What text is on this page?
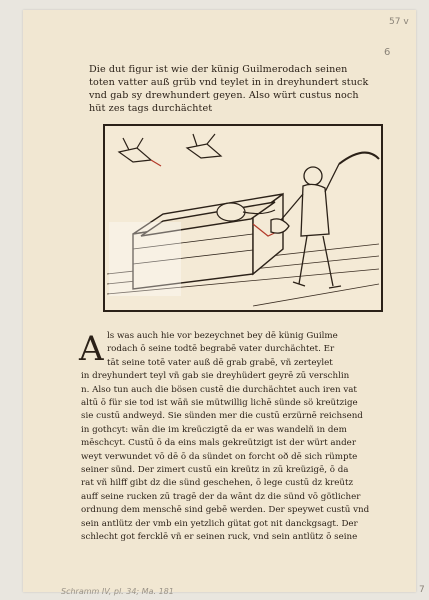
57 v
6
Die dut figur ist wie der künig Guilmerodach seinen
toten vatter auß grüb vnd teylet in in dreyhundert stuck
vnd gab sy drewhundert geyen. Also würt custus noch
hüt zes tags durchächtet
A ls was auch hie vor bezeychnet bey dē künig Guilme
rodach ō seine todtē begrabē vater durchächtet. Er
tāt seine totē vater auß dē grab grabē, vñ zerteylet
in dreyhundert teyl vñ gab sie dreyhüdert geyrē zū verschlin
n. Also tun auch die bösen custē die durchächtet auch iren vat
altū ō für sie tod ist wāñ sie mütwillig lichē sünde sö kreützige
sie custū andweyd. Sie sünden mer die custū erzürnē reichsend
in gothcyt: wān die im kreüczigtē da er was wandelñ in dem
mēschcyt. Custū ō da eins mals gekreützigt ist der würt ander
weyt verwundet vō dē ō da sündet on forcht oð dē sich rümpte
seiner sünd. Der zimert custū ein kreütz in zū kreüzigē, ō da
rat vñ hilff gibt dz die sünd geschehen, ō lege custū dz kreütz
auff seine rucken zū tragē der da wānt dz die sünd vō götlicher
ordnung dem menschē sind gebē werden. Der speywet custū vnd
sein antlütz der vmb ein yetzlich gütat got nit danckgsagt. Der
schlecht got fercklē vñ er seinen ruck, vnd sein antlütz ō seine
Schramm IV, pl. 34; Ma. 181	7
